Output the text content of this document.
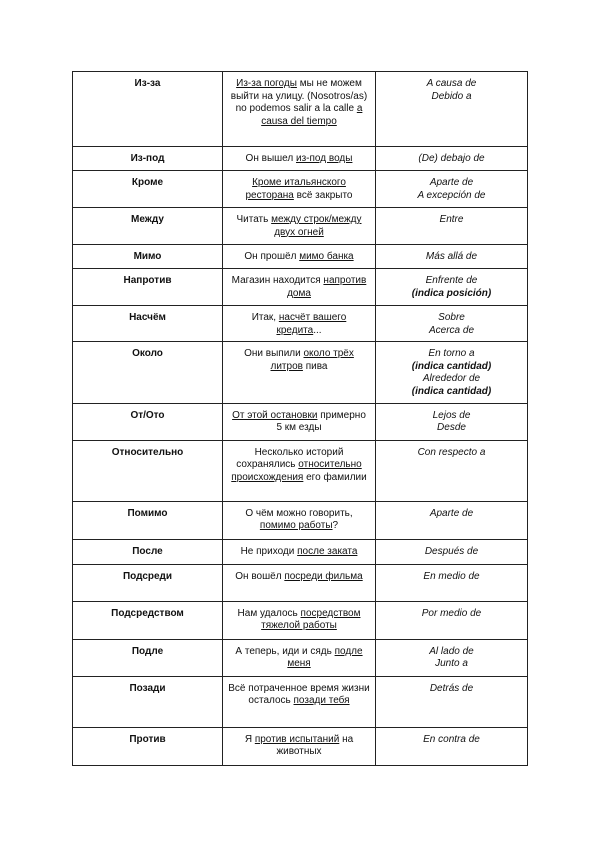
Из-за	Из-за погоды мы не можем выйти на улицу. (Nosotros/as) no podemos salir a la calle a causa del tiempo	A causa de
Debido a

Из-под	Он вышел из-под воды	(De) debajo de

Кроме	Кроме итальянского ресторана всё закрыто	Aparte de
A excepción de

Между	Читать между строк/между двух огней	Entre

Мимо	Он прошёл мимо банка	Más allá de

Напротив	Магазин находится напротив дома	Enfrente de
(indica posición)

Насчём	Итак, насчёт вашего кредита...	Sobre
Acerca de

Около	Они выпили около трёх литров пива	En torno a
(indica cantidad)
Alrededor de
(indica cantidad)

От/Ото	От этой остановки примерно 5 км езды	Lejos de
Desde

Относительно	Несколько историй сохранялись относительно происхождения его фамилии	Con respecto a

Помимо	О чём можно говорить, помимо работы?	Aparte de

После	Не приходи после заката	Después de

Подсреди	Он вошёл посреди фильма	En medio de

Подсредством	Нам удалось посредством тяжелой работы	Por medio de

Подле	А теперь, иди и сядь подле меня	Al lado de
Junto a

Позади	Всё потраченное время жизни осталось позади тебя	Detrás de

Против	Я против испытаний на животных	En contra de
